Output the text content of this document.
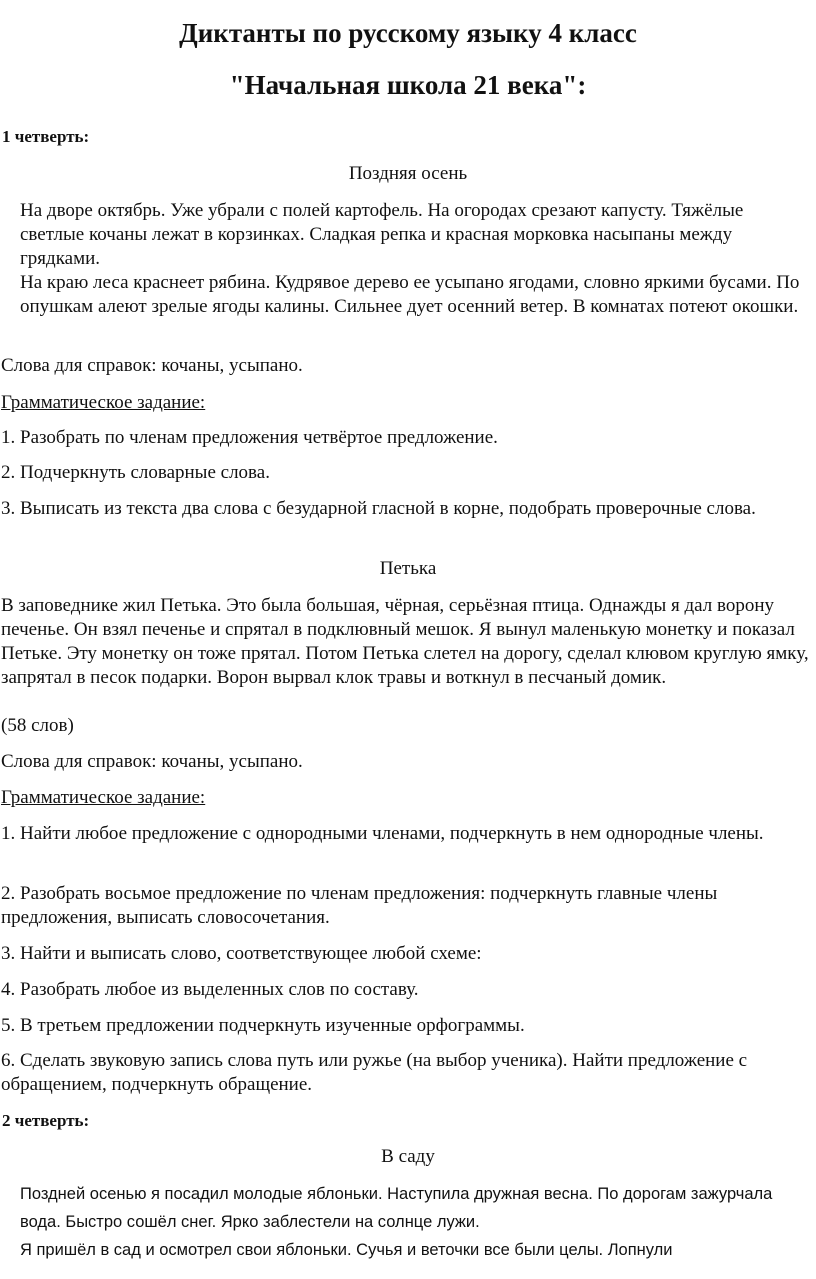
Диктанты по русскому языку 4 класс
"Начальная школа 21 века":
1 четверть:
Поздняя осень

На дворе октябрь. Уже убрали с полей картофель. На огородах срезают капусту. Тяжёлые светлые кочаны лежат в корзинках. Сладкая репка и красная морковка насыпаны между грядками.

На краю леса краснеет рябина. Кудрявое дерево ее усыпано ягодами, словно яркими бусами. По опушкам алеют зрелые ягоды калины. Сильнее дует осенний ветер. В комнатах потеют окошки.

Слова для справок: кочаны, усыпано.
Грамматическое задание:
1. Разобрать по членам предложения четвёртое предложение.
2. Подчеркнуть словарные слова.
3. Выписать из текста два слова с безударной гласной в корне, подобрать проверочные слова.
Петька
В заповеднике жил Петька. Это была большая, чёрная, серьёзная птица. Однажды я дал ворону печенье. Он взял печенье и спрятал в подклювный мешок. Я вынул маленькую монетку и показал Петьке. Эту монетку он тоже прятал. Потом Петька слетел на дорогу, сделал клювом круглую ямку, запрятал в песок подарки. Ворон вырвал клок травы и воткнул в песчаный домик.
(58 слов)
Слова для справок: кочаны, усыпано.
Грамматическое задание:
1. Найти любое предложение с однородными членами, подчеркнуть в нем однородные члены.
2. Разобрать восьмое предложение по членам предложения: подчеркнуть главные члены предложения, выписать словосочетания.
3. Найти и выписать слово, соответствующее любой схеме:
4. Разобрать любое из выделенных слов по составу.
5. В третьем предложении подчеркнуть изученные орфограммы.
6. Сделать звуковую запись слова путь или ружье (на выбор ученика). Найти предложение с обращением, подчеркнуть обращение.
2 четверть:
В саду

Поздней осенью я посадил молодые яблоньки. Наступила дружная весна. По дорогам зажурчала вода. Быстро сошёл снег. Ярко заблестели на солнце лужи.

Я пришёл в сад и осмотрел свои яблоньки. Сучья и веточки все были целы. Лопнули
